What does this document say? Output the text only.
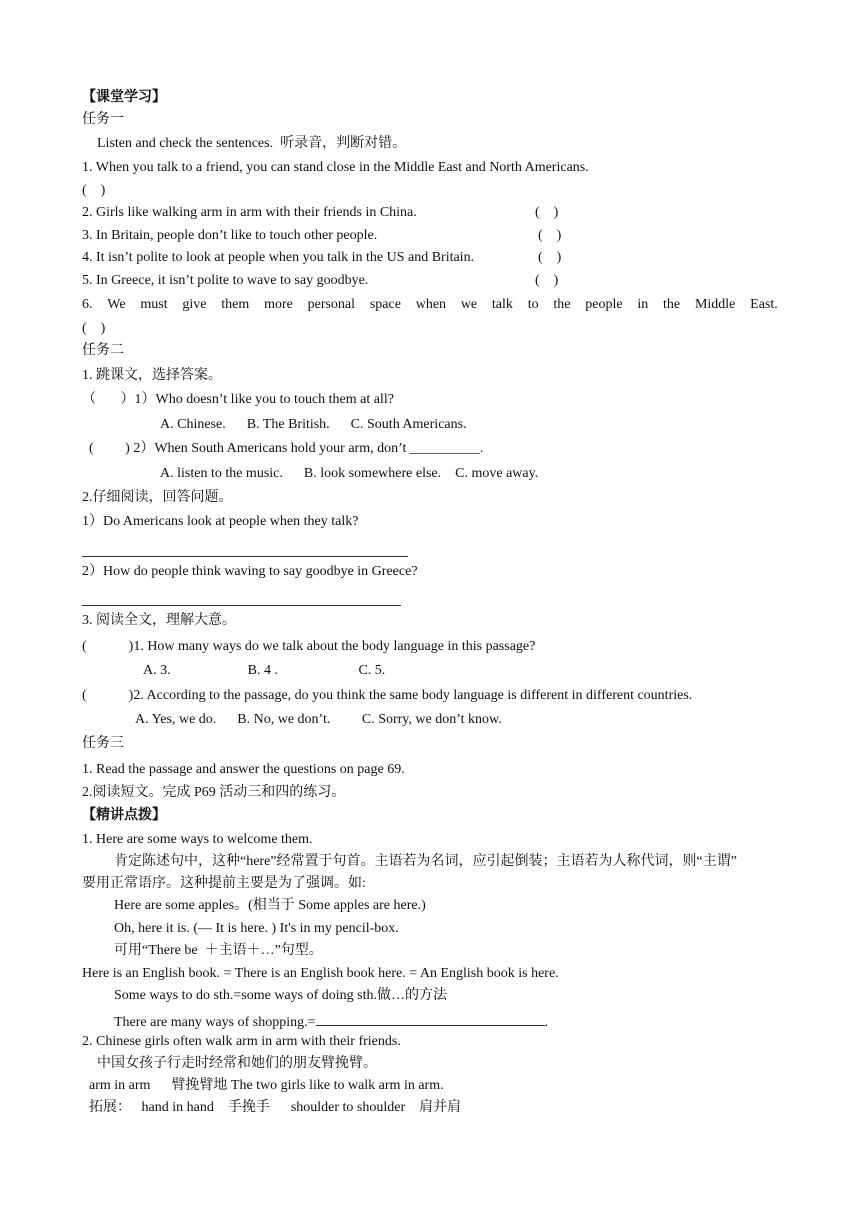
【课堂学习】
任务一
Listen and check the sentences.  听录音，判断对错。
1. When you talk to a friend, you can stand close in the Middle East and North Americans.
(    )
2. Girls like walking arm in arm with their friends in China.	(    )
3. In Britain, people don’t like to touch other people.	(    )
4. It isn’t polite to look at people when you talk in the US and Britain.	(    )
5. In Greece, it isn’t polite to wave to say goodbye.	(    )
6. We must give them more personal space when we talk to the people in the Middle East.
(    )
任务二
1. 跳课文，选择答案。
（       ）1）Who doesn’t like you to touch them at all?
A. Chinese.      B. The British.      C. South Americans.
(         ) 2）When South Americans hold your arm, don’t __________.
A. listen to the music.      B. look somewhere else.    C. move away.
2.仔细阅读，回答问题。
1）Do Americans look at people when they talk?
2）How do people think waving to say goodbye in Greece?
3. 阅读全文，理解大意。
(            )1. How many ways do we talk about the body language in this passage?
A. 3.                      B. 4 .                       C. 5.
(            )2. According to the passage, do you think the same body language is different in different countries.
A. Yes, we do.      B. No, we don’t.         C. Sorry, we don’t know.
任务三
1. Read the passage and answer the questions on page 69.
2.阅读短文。完成 P69 活动三和四的练习。
【精讲点拨】
1. Here are some ways to welcome them.
肯定陈述句中，这种“here”经常置于句首。主语若为名词，应引起倒装；主语若为人称代词，则“主谓”
要用正常语序。这种提前主要是为了强调。如:
Here are some apples。(相当于 Some apples are here.)
Oh, here it is. (— It is here. ) It's in my pencil-box.
可用“There be  ＋主语＋…”句型。
Here is an English book. = There is an English book here. = An English book is here.
Some ways to do sth.=some ways of doing sth.做…的方法
There are many ways of shopping.=	.
2. Chinese girls often walk arm in arm with their friends.
中国女孩子行走时经常和她们的朋友臂挽臂。
arm in arm      臂挽臂地 The two girls like to walk arm in arm.
拓展：   hand in hand    手挽手      shoulder to shoulder    肩并肩
